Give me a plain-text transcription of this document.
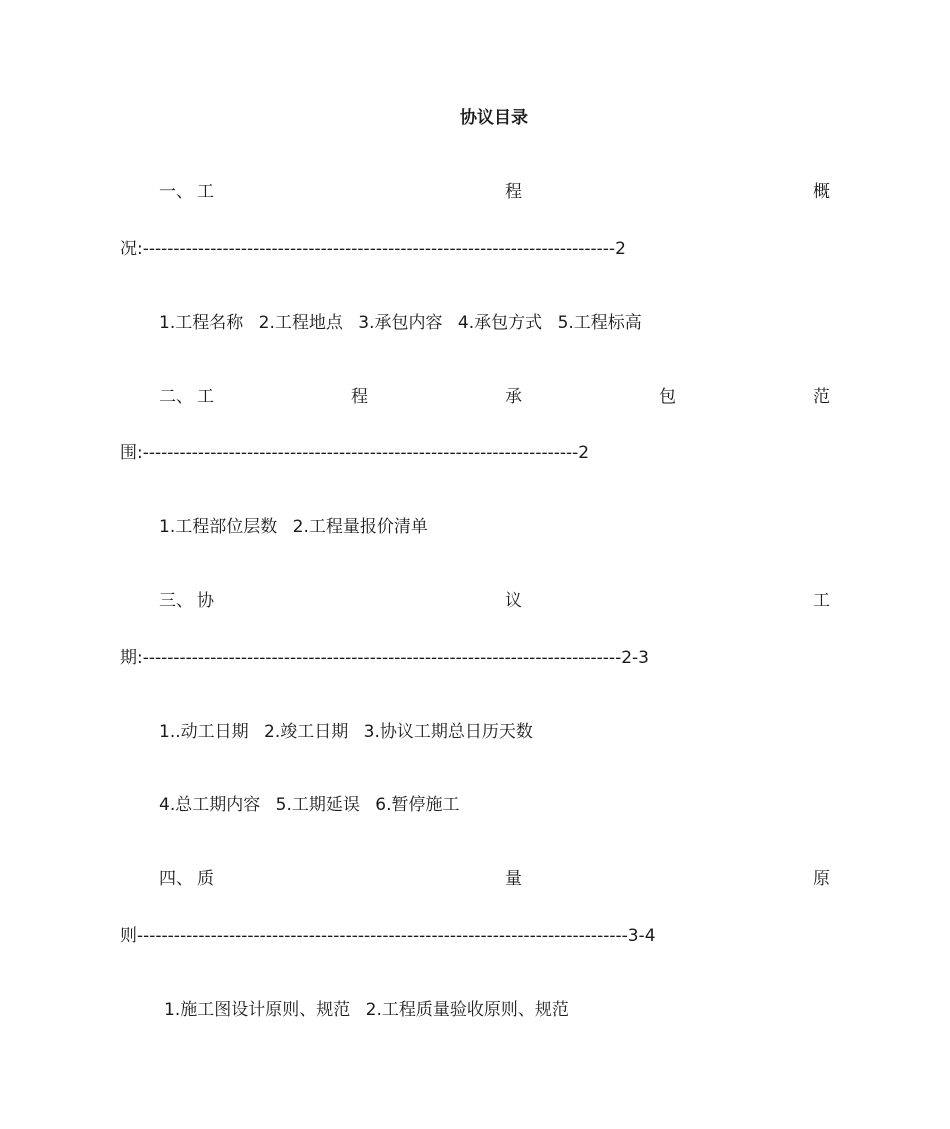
协议目录
一、 工	程	概
况:-----------------------------------------------------------------------------2
1.工程名称 2.工程地点 3.承包内容 4.承包方式 5.工程标高
二、 工	程	承	包	范
围:-----------------------------------------------------------------------2
1.工程部位层数 2.工程量报价清单
三、 协	议	工
期:------------------------------------------------------------------------------2-3
1..动工日期 2.竣工日期 3.协议工期总日历天数
4.总工期内容 5.工期延误 6.暂停施工
四、 质	量	原
则--------------------------------------------------------------------------------3-4
1.施工图设计原则、规范 2.工程质量验收原则、规范
